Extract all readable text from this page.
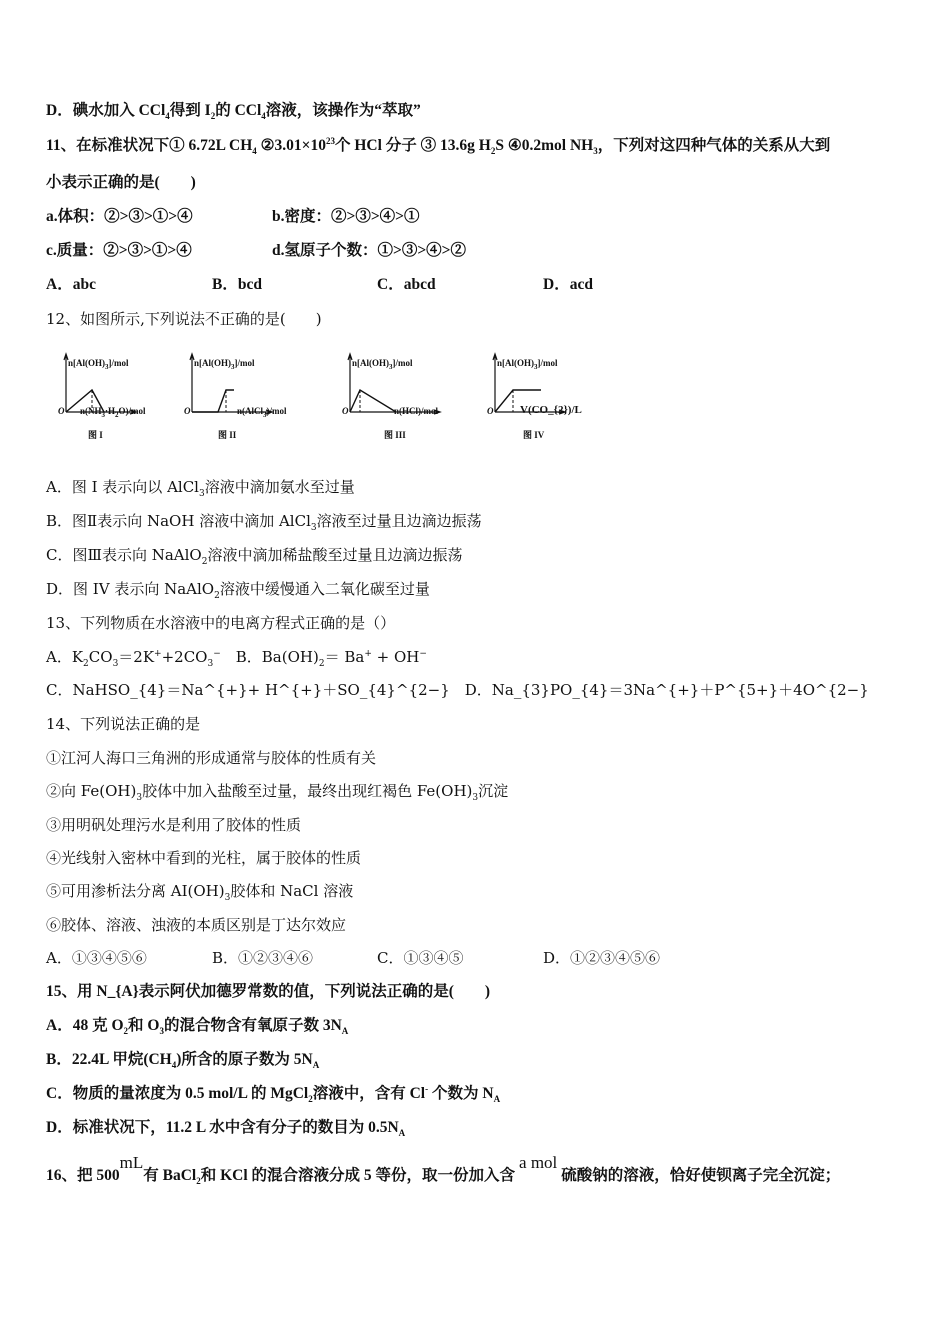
D．碘水加入 CCl$_4$得到 $I_2$的 CCl$_4$溶液，该操作为“萃取”
11、在标准状况下① 6.72L $CH_4$ $②3.01\times 10^{23}$个 HCl 分子 ③ 13.6g $H_2S$ ④0.2mol $NH_3$，下列对这四种气体的关系从大到
小表示正确的是(　　)
a.体积：②>③>①>④	b.密度：②>③>④>①
c.质量：②>③>①>④	d.氢原子个数：①>③>④>②
A．abc	B．bcd	C．abcd	D．acd
12、如图所示,下列说法不正确的是(　　)
$n[Al(OH)_3]$/mol	$n[Al(OH)_3]$/mol	$n[Al(OH)_3]$/mol	$n[Al(OH)_3]$/mol
O	O	O	O
$n(NH_3\cdot H_2O)$/mol	n(AlCl$_3$)/mol	n(HCl)/mol	V(CO_{2})/L
图 I	图 II	图 III	图 IV
A．图 I 表示向以 AlCl$_3$溶液中滴加氨水至过量
B．图Ⅱ表示向 NaOH 溶液中滴加 AlCl$_3$溶液至过量且边滴边振荡
C．图Ⅲ表示向 NaAlO$_2$溶液中滴加稀盐酸至过量且边滴边振荡
D．图 IV 表示向 NaAlO$_2$溶液中缓慢通入二氧化碳至过量
13、下列物质在水溶液中的电离方程式正确的是（）
A．$K_2CO_3=2K^++2CO_3^-$　B．$Ba(OH)_2= Ba^+ + OH^-$
C．NaHSO_{4}＝Na^{+}+ H^{+}＋SO_{4}^{2−}　D．Na_{3}PO_{4}＝3Na^{+}＋P^{5+}＋4O^{2−}
14、下列说法正确的是
①江河人海口三角洲的形成通常与胶体的性质有关
②向 $Fe(OH)_3$胶体中加入盐酸至过量，最终出现红褐色 $Fe(OH)_3$沉淀
③用明矾处理污水是利用了胶体的性质
④光线射入密林中看到的光柱，属于胶体的性质
⑤可用渗析法分离 $AI(OH)_3$胶体和 NaCl 溶液
⑥胶体、溶液、浊液的本质区别是丁达尔效应
A．①③④⑤⑥	B．①②③④⑥	C．①③④⑤	D．①②③④⑤⑥
15、用 N_{A}表示阿伏加德罗常数的值，下列说法正确的是(　　)
A．48 克 $O_2$和 $O_3$的混合物含有氧原子数 $3N_A$
B．22.4L 甲烷$(CH_4)$所含的原子数为 $5N_A$
C．物质的量浓度为 0.5 mol/L 的 MgCl$_2$溶液中，含有 Cl- 个数为 $N_A$
D．标准状况下，11.2 L 水中含有分子的数目为 $0.5N_A$
16、把 500mL有 BaCl$_2$和 KCl 的混合溶液分成 5 等份，取一份加入含a mol硫酸钠的溶液，恰好使钡离子完全沉淀；
